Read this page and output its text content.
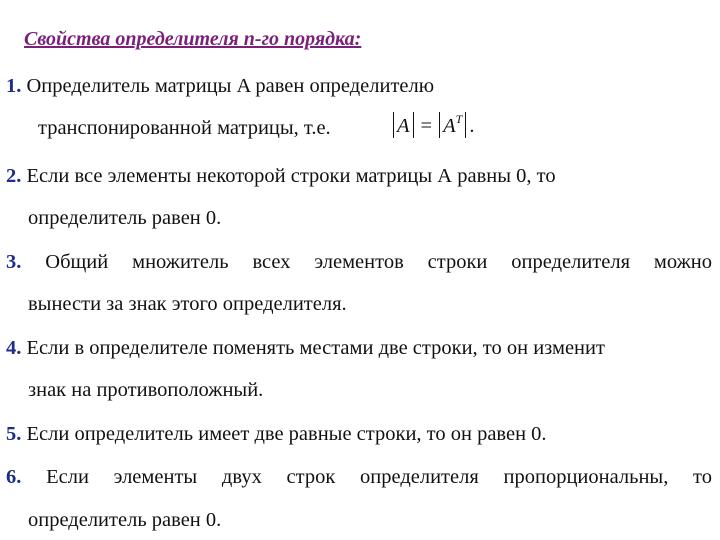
Свойства определителя n-го порядка:
1. Определитель матрицы A равен определителю
транспонированной матрицы, т.е.	$A = A^T$ .
2. Если все элементы некоторой строки матрицы А равны 0, то
определитель равен 0.
3. Общий множитель всех элементов строки определителя можно
вынести за знак этого определителя.
4. Если в определителе поменять местами две строки, то он изменит
знак на противоположный.
5. Если определитель имеет две равные строки, то он равен 0.
6. Если элементы двух строк определителя пропорциональны, то
определитель равен 0.
